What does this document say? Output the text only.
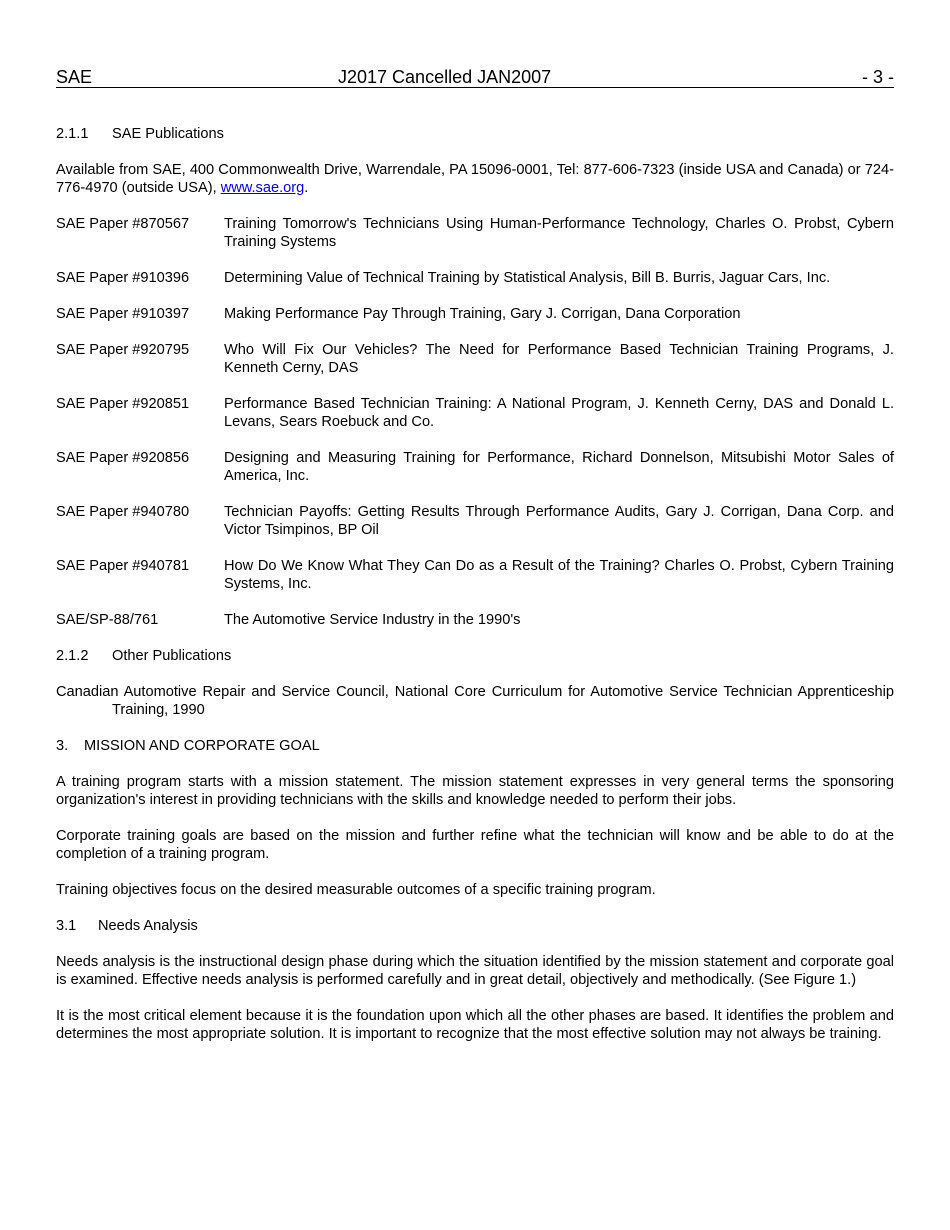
SAE	J2017 Cancelled JAN2007	- 3 -

2.1.1 SAE Publications

Available from SAE, 400 Commonwealth Drive, Warrendale, PA 15096-0001, Tel: 877-606-7323 (inside USA and Canada) or 724-776-4970 (outside USA), www.sae.org.

SAE Paper #870567	Training Tomorrow's Technicians Using Human-Performance Technology, Charles O. Probst, Cybern Training Systems
SAE Paper #910396	Determining Value of Technical Training by Statistical Analysis, Bill B. Burris, Jaguar Cars, Inc.
SAE Paper #910397	Making Performance Pay Through Training, Gary J. Corrigan, Dana Corporation
SAE Paper #920795	Who Will Fix Our Vehicles? The Need for Performance Based Technician Training Programs, J. Kenneth Cerny, DAS
SAE Paper #920851	Performance Based Technician Training: A National Program, J. Kenneth Cerny, DAS and Donald L. Levans, Sears Roebuck and Co.
SAE Paper #920856	Designing and Measuring Training for Performance, Richard Donnelson, Mitsubishi Motor Sales of America, Inc.
SAE Paper #940780	Technician Payoffs: Getting Results Through Performance Audits, Gary J. Corrigan, Dana Corp. and Victor Tsimpinos, BP Oil
SAE Paper #940781	How Do We Know What They Can Do as a Result of the Training? Charles O. Probst, Cybern Training Systems, Inc.
SAE/SP-88/761	The Automotive Service Industry in the 1990's

2.1.2 Other Publications

Canadian Automotive Repair and Service Council, National Core Curriculum for Automotive Service Technician Apprenticeship Training, 1990

3. MISSION AND CORPORATE GOAL

A training program starts with a mission statement. The mission statement expresses in very general terms the sponsoring organization's interest in providing technicians with the skills and knowledge needed to perform their jobs.

Corporate training goals are based on the mission and further refine what the technician will know and be able to do at the completion of a training program.

Training objectives focus on the desired measurable outcomes of a specific training program.

3.1 Needs Analysis

Needs analysis is the instructional design phase during which the situation identified by the mission statement and corporate goal is examined. Effective needs analysis is performed carefully and in great detail, objectively and methodically. (See Figure 1.)

It is the most critical element because it is the foundation upon which all the other phases are based. It identifies the problem and determines the most appropriate solution. It is important to recognize that the most effective solution may not always be training.
